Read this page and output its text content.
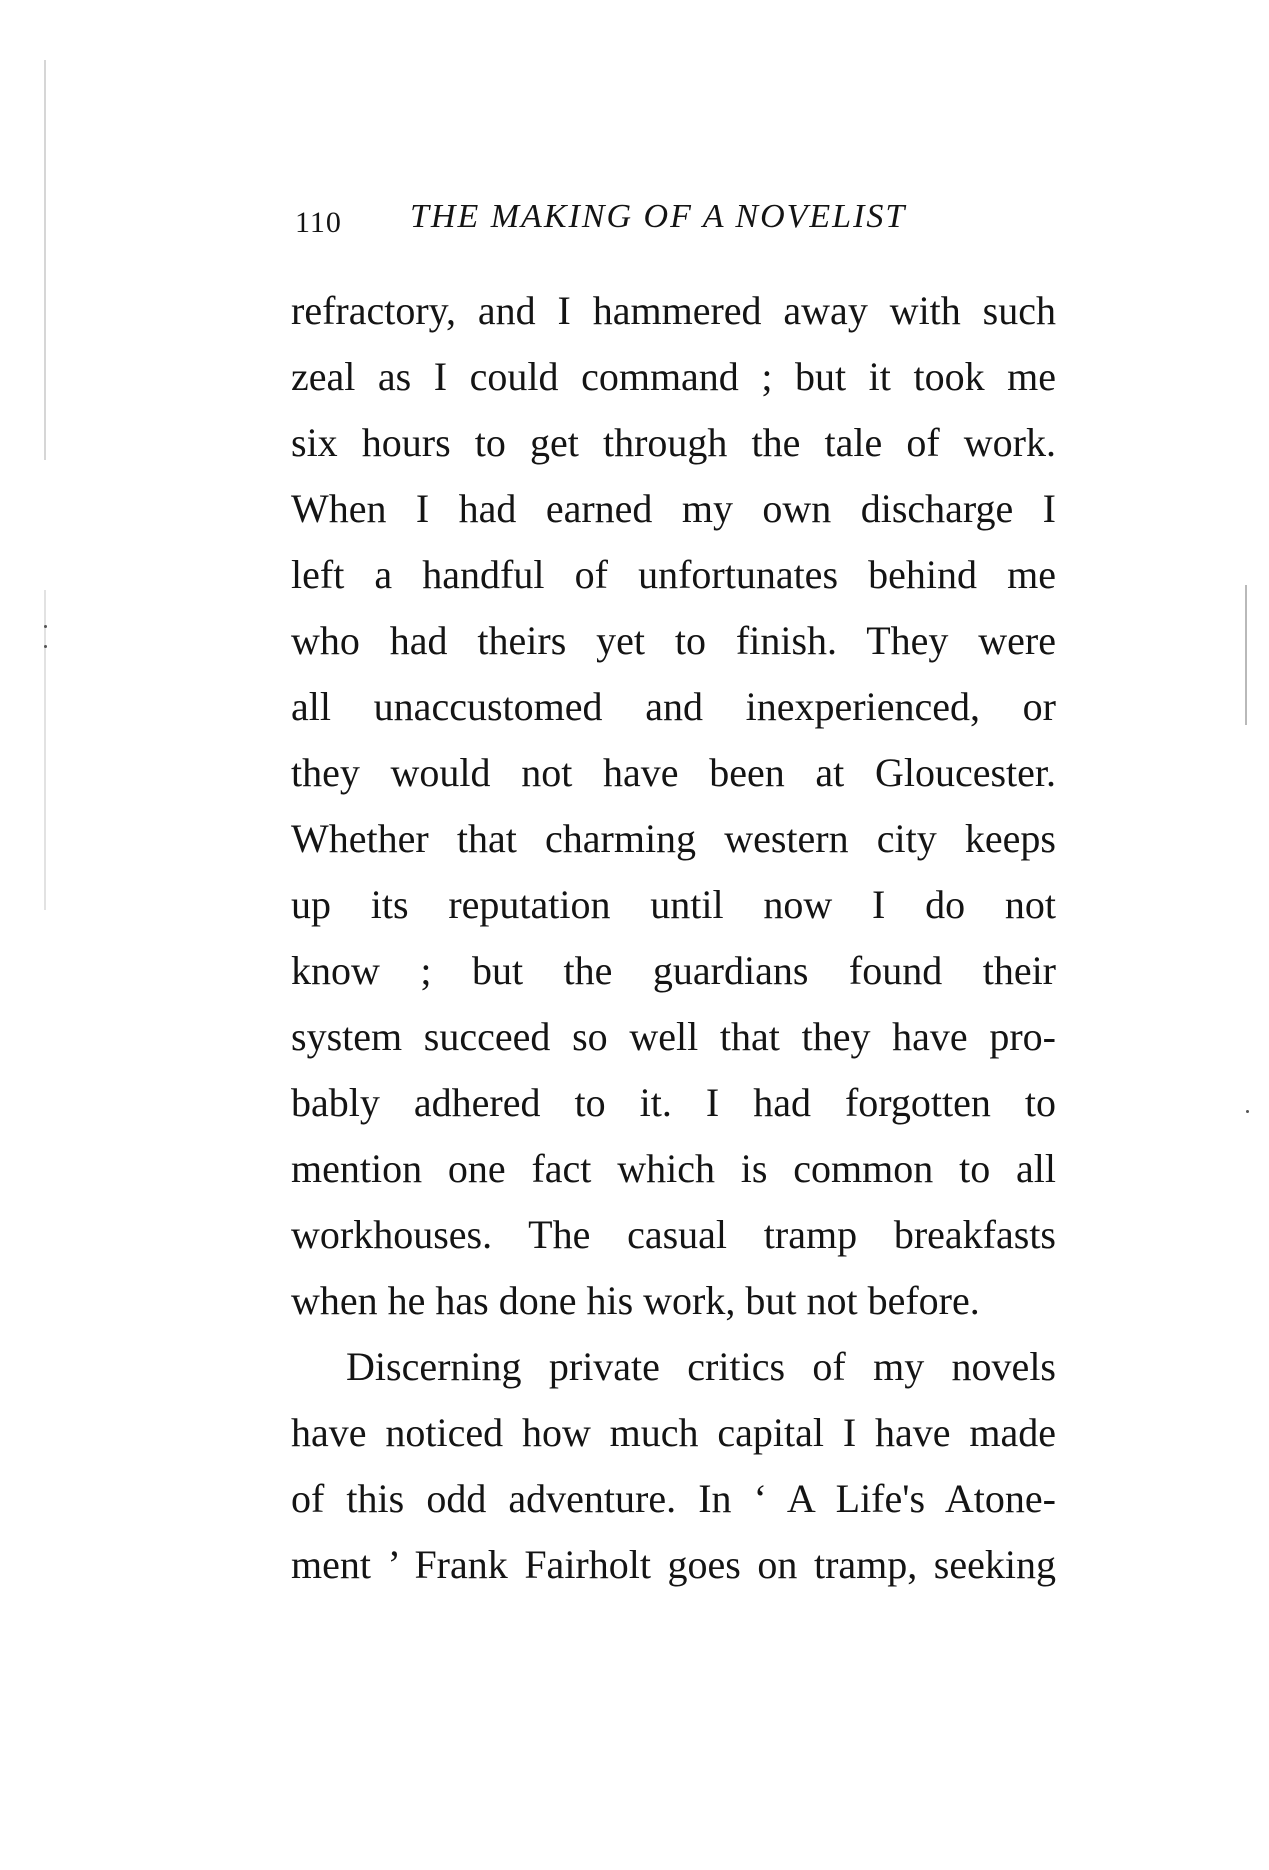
110 THE MAKING OF A NOVELIST
refractory, and I hammered away with such
zeal as I could command ; but it took me
six hours to get through the tale of work.
When I had earned my own discharge I
left a handful of unfortunates behind me
who had theirs yet to finish. They were
all unaccustomed and inexperienced, or
they would not have been at Gloucester.
Whether that charming western city keeps
up its reputation until now I do not
know ; but the guardians found their
system succeed so well that they have pro-
bably adhered to it. I had forgotten to
mention one fact which is common to all
workhouses. The casual tramp breakfasts
when he has done his work, but not before.
Discerning private critics of my novels
have noticed how much capital I have made
of this odd adventure. In ‘ A Life's Atone-
ment ’ Frank Fairholt goes on tramp, seeking
